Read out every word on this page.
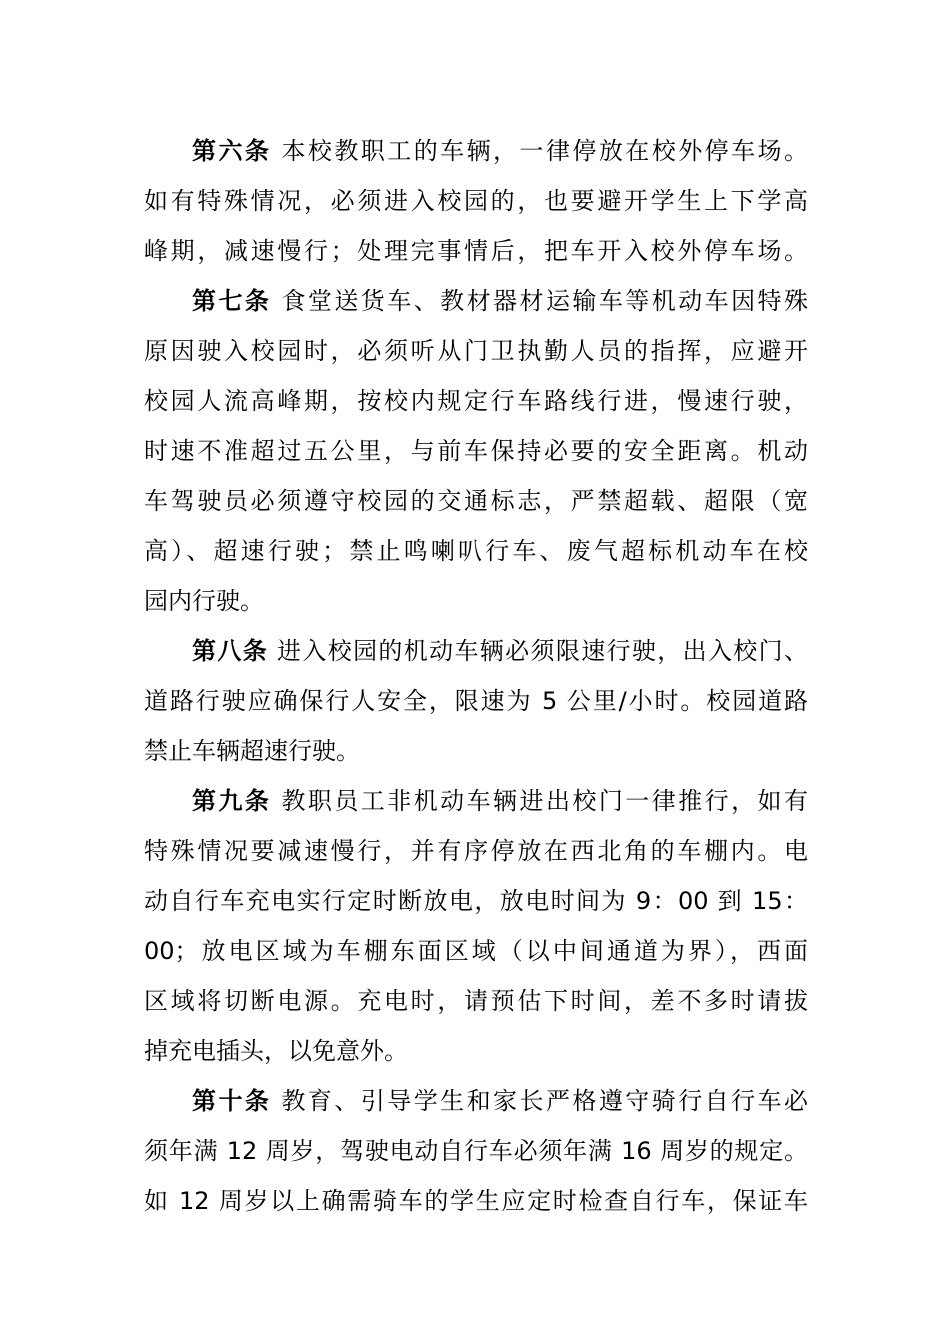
第六条 本校教职工的车辆，一律停放在校外停车场。
如有特殊情况，必须进入校园的，也要避开学生上下学高
峰期，减速慢行；处理完事情后，把车开入校外停车场。
第七条 食堂送货车、教材器材运输车等机动车因特殊
原因驶入校园时，必须听从门卫执勤人员的指挥，应避开
校园人流高峰期，按校内规定行车路线行进，慢速行驶，
时速不准超过五公里，与前车保持必要的安全距离。机动
车驾驶员必须遵守校园的交通标志，严禁超载、超限（宽
高）、超速行驶；禁止鸣喇叭行车、废气超标机动车在校
园内行驶。
第八条 进入校园的机动车辆必须限速行驶，出入校门、
道路行驶应确保行人安全，限速为 5 公里/小时。校园道路
禁止车辆超速行驶。
第九条 教职员工非机动车辆进出校门一律推行，如有
特殊情况要减速慢行，并有序停放在西北角的车棚内。电
动自行车充电实行定时断放电，放电时间为 9：00 到 15：
00；放电区域为车棚东面区域（以中间通道为界），西面
区域将切断电源。充电时，请预估下时间，差不多时请拔
掉充电插头，以免意外。
第十条 教育、引导学生和家长严格遵守骑行自行车必
须年满 12 周岁，驾驶电动自行车必须年满 16 周岁的规定。
如 12 周岁以上确需骑车的学生应定时检查自行车，保证车
